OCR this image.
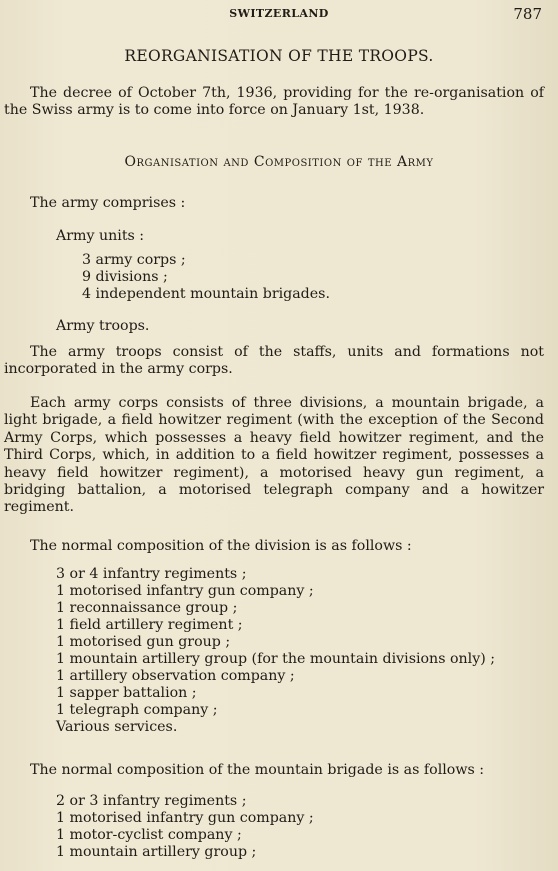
SWITZERLAND	787
REORGANISATION OF THE TROOPS.
The decree of October 7th, 1936, providing for the re-organisation of the Swiss army is to come into force on January 1st, 1938.
Organisation and Composition of the Army
The army comprises :
Army units :
3 army corps ;
9 divisions ;
4 independent mountain brigades.
Army troops.
The army troops consist of the staffs, units and formations not incorporated in the army corps.
Each army corps consists of three divisions, a mountain brigade, a light brigade, a field howitzer regiment (with the exception of the Second Army Corps, which possesses a heavy field howitzer regiment, and the Third Corps, which, in addition to a field howitzer regiment, possesses a heavy field howitzer regiment), a motorised heavy gun regiment, a bridging battalion, a motorised telegraph company and a howitzer regiment.
The normal composition of the division is as follows :
3 or 4 infantry regiments ;
1 motorised infantry gun company ;
1 reconnaissance group ;
1 field artillery regiment ;
1 motorised gun group ;
1 mountain artillery group (for the mountain divisions only) ;
1 artillery observation company ;
1 sapper battalion ;
1 telegraph company ;
Various services.
The normal composition of the mountain brigade is as follows :
2 or 3 infantry regiments ;
1 motorised infantry gun company ;
1 motor-cyclist company ;
1 mountain artillery group ;
